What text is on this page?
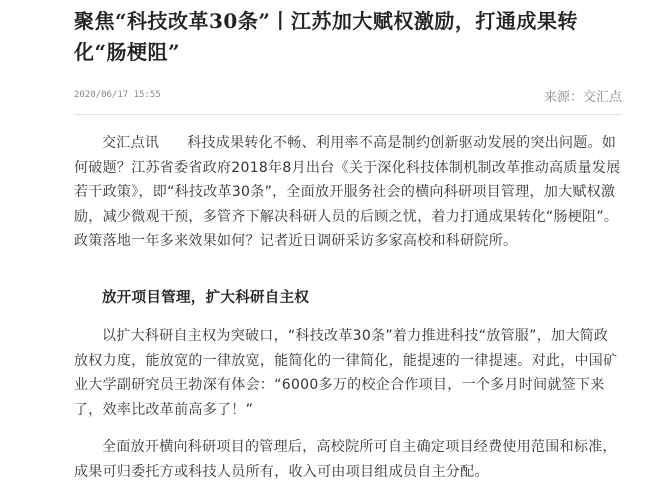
聚焦“科技改革30条”丨江苏加大赋权激励，打通成果转化“肠梗阻”
2020/06/17 15:55	来源：交汇点

交汇点讯 科技成果转化不畅、利用率不高是制约创新驱动发展的突出问题。如何破题？江苏省委省政府2018年8月出台《关于深化科技体制机制改革推动高质量发展若干政策》，即“科技改革30条”，全面放开服务社会的横向科研项目管理，加大赋权激励，减少微观干预，多管齐下解决科研人员的后顾之忧，着力打通成果转化“肠梗阻”。政策落地一年多来效果如何？记者近日调研采访多家高校和科研院所。

放开项目管理，扩大科研自主权

以扩大科研自主权为突破口，“科技改革30条”着力推进科技“放管服”，加大简政放权力度，能放宽的一律放宽，能简化的一律简化，能提速的一律提速。对此，中国矿业大学副研究员王勃深有体会：“6000多万的校企合作项目，一个多月时间就签下来了，效率比改革前高多了！”

全面放开横向科研项目的管理后，高校院所可自主确定项目经费使用范围和标准，成果可归委托方或科技人员所有，收入可由项目组成员自主分配。
